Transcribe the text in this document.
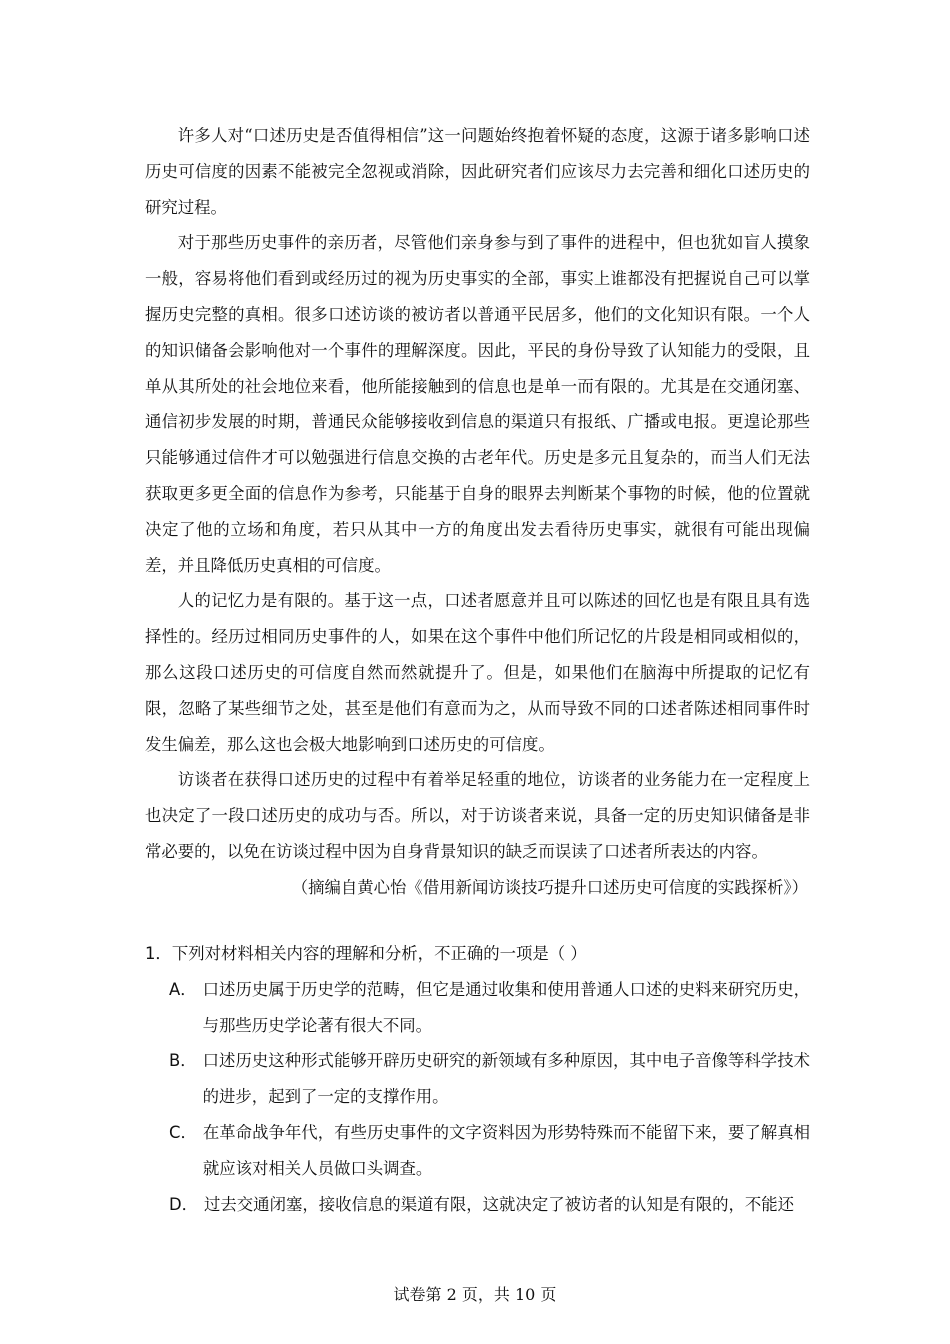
许多人对“口述历史是否值得相信”这一问题始终抱着怀疑的态度，这源于诸多影响口述历史可信度的因素不能被完全忽视或消除，因此研究者们应该尽力去完善和细化口述历史的研究过程。

对于那些历史事件的亲历者，尽管他们亲身参与到了事件的进程中，但也犹如盲人摸象一般，容易将他们看到或经历过的视为历史事实的全部，事实上谁都没有把握说自己可以掌握历史完整的真相。很多口述访谈的被访者以普通平民居多，他们的文化知识有限。一个人的知识储备会影响他对一个事件的理解深度。因此，平民的身份导致了认知能力的受限，且单从其所处的社会地位来看，他所能接触到的信息也是单一而有限的。尤其是在交通闭塞、通信初步发展的时期，普通民众能够接收到信息的渠道只有报纸、广播或电报。更遑论那些只能够通过信件才可以勉强进行信息交换的古老年代。历史是多元且复杂的，而当人们无法获取更多更全面的信息作为参考，只能基于自身的眼界去判断某个事物的时候，他的位置就决定了他的立场和角度，若只从其中一方的角度出发去看待历史事实，就很有可能出现偏差，并且降低历史真相的可信度。

人的记忆力是有限的。基于这一点，口述者愿意并且可以陈述的回忆也是有限且具有选择性的。经历过相同历史事件的人，如果在这个事件中他们所记忆的片段是相同或相似的，那么这段口述历史的可信度自然而然就提升了。但是，如果他们在脑海中所提取的记忆有限，忽略了某些细节之处，甚至是他们有意而为之，从而导致不同的口述者陈述相同事件时发生偏差，那么这也会极大地影响到口述历史的可信度。

访谈者在获得口述历史的过程中有着举足轻重的地位，访谈者的业务能力在一定程度上也决定了一段口述历史的成功与否。所以，对于访谈者来说，具备一定的历史知识储备是非常必要的，以免在访谈过程中因为自身背景知识的缺乏而误读了口述者所表达的内容。

（摘编自黄心怡《借用新闻访谈技巧提升口述历史可信度的实践探析》）

1．下列对材料相关内容的理解和分析，不正确的一项是（ ）

A． 口述历史属于历史学的范畴，但它是通过收集和使用普通人口述的史料来研究历史，与那些历史学论著有很大不同。
B． 口述历史这种形式能够开辟历史研究的新领域有多种原因，其中电子音像等科学技术的进步，起到了一定的支撑作用。
C． 在革命战争年代，有些历史事件的文字资料因为形势特殊而不能留下来，要了解真相就应该对相关人员做口头调查。
D． 过去交通闭塞，接收信息的渠道有限，这就决定了被访者的认知是有限的，不能还
试卷第 2 页，共 10 页
